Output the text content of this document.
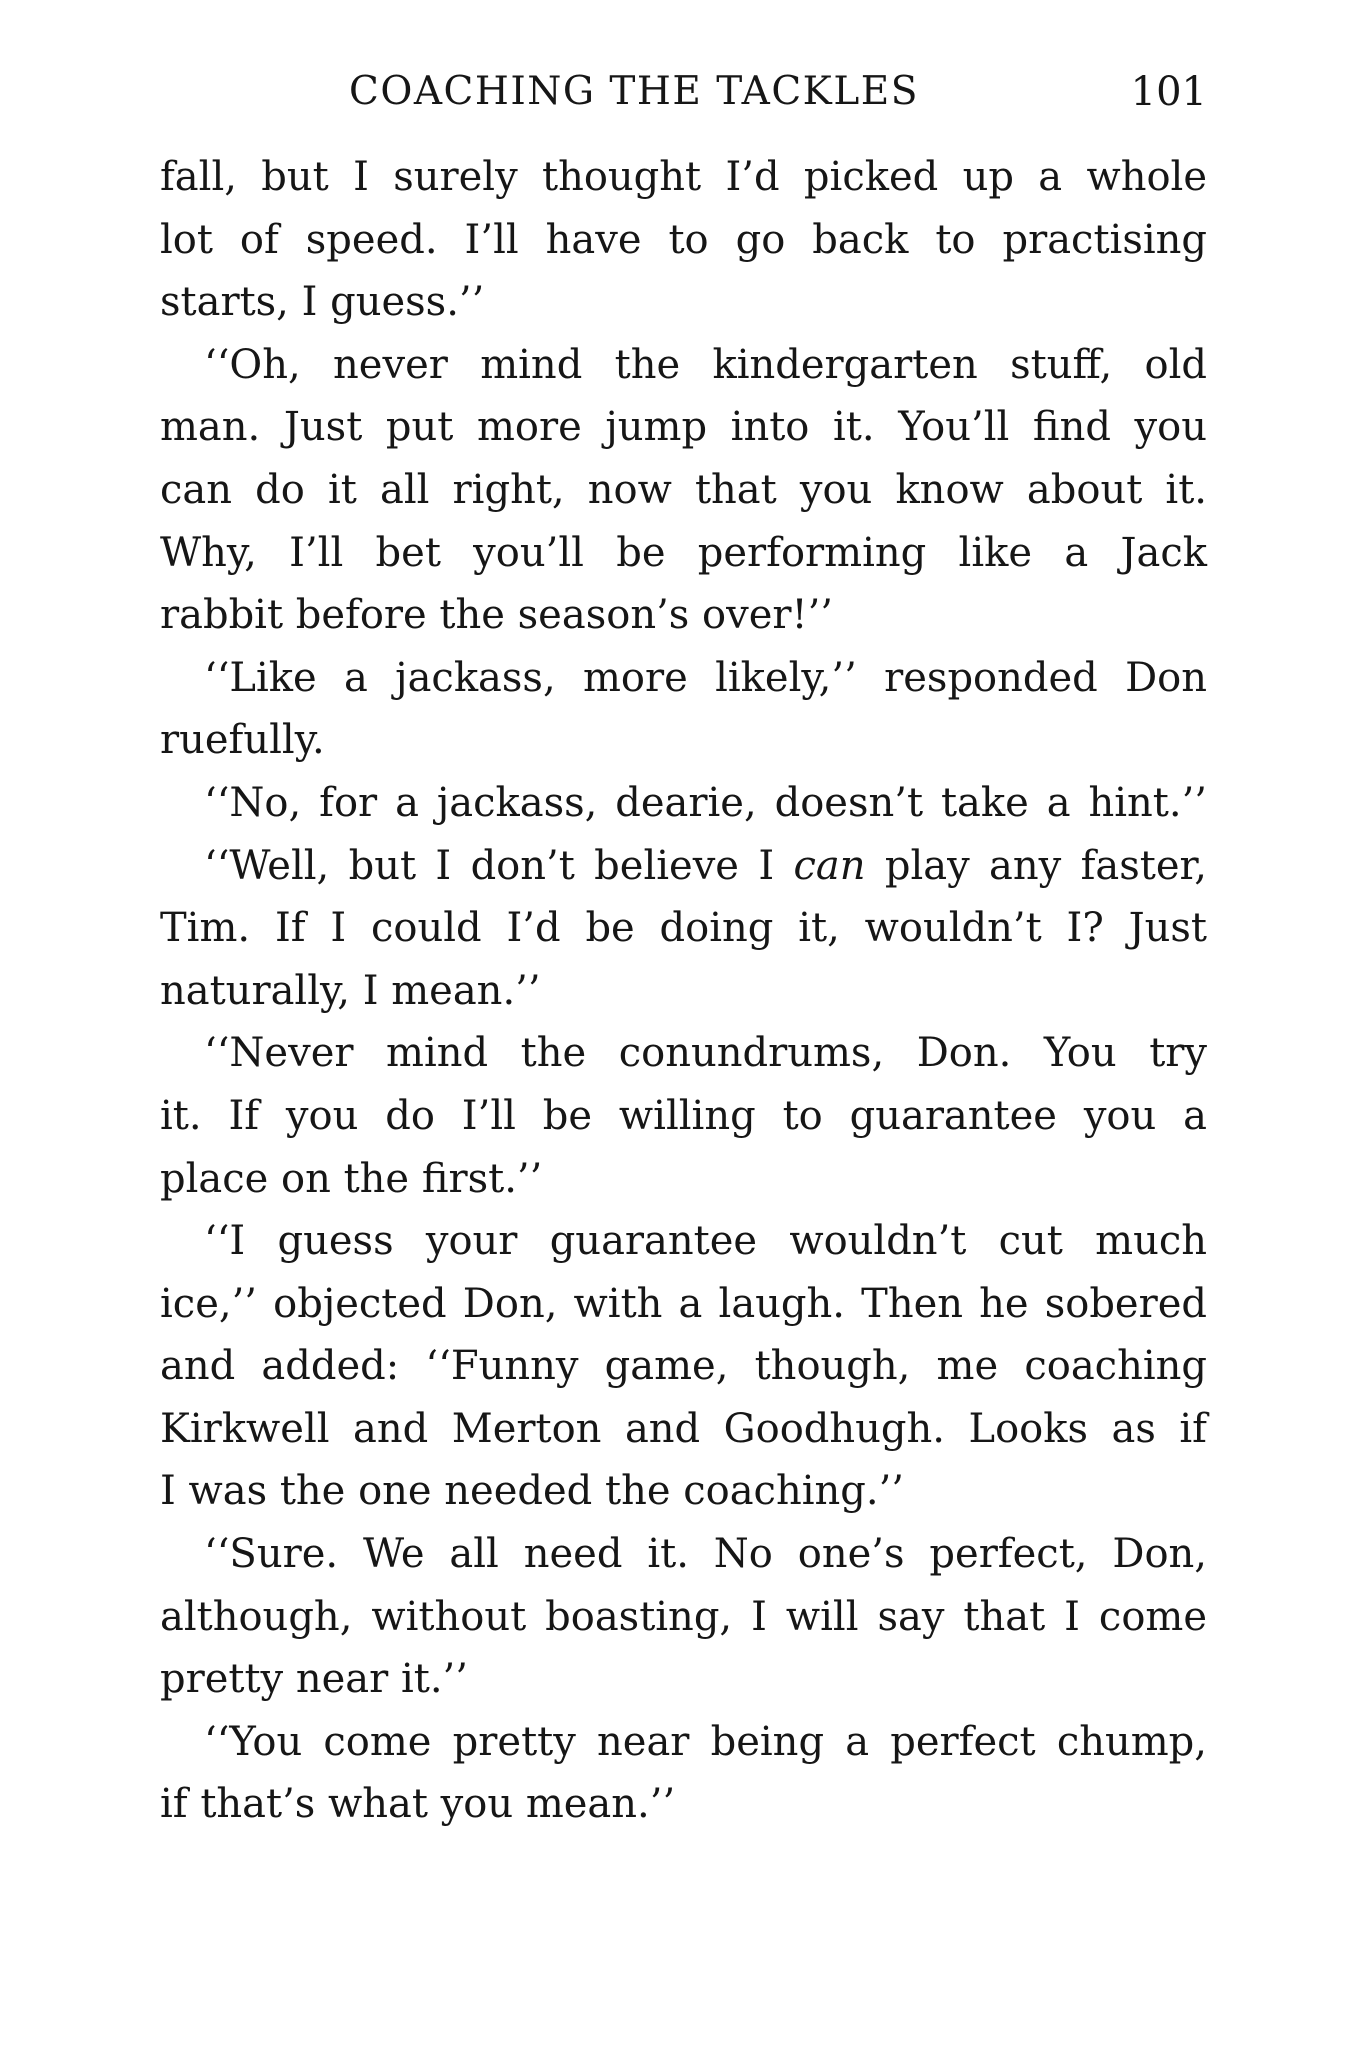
COACHING THE TACKLES	101
fall, but I surely thought I’d picked up a whole
lot of speed. I’ll have to go back to practising
starts, I guess.’’
‘‘Oh, never mind the kindergarten stuff, old
man. Just put more jump into it. You’ll find you
can do it all right, now that you know about it.
Why, I’ll bet you’ll be performing like a Jack
rabbit before the season’s over!’’
‘‘Like a jackass, more likely,’’ responded Don
ruefully.
‘‘No, for a jackass, dearie, doesn’t take a hint.’’
‘‘Well, but I don’t believe I can play any faster,
Tim. If I could I’d be doing it, wouldn’t I? Just
naturally, I mean.’’
‘‘Never mind the conundrums, Don. You try
it. If you do I’ll be willing to guarantee you a
place on the first.’’
‘‘I guess your guarantee wouldn’t cut much
ice,’’ objected Don, with a laugh. Then he sobered
and added: ‘‘Funny game, though, me coaching
Kirkwell and Merton and Goodhugh. Looks as if
I was the one needed the coaching.’’
‘‘Sure. We all need it. No one’s perfect, Don,
although, without boasting, I will say that I come
pretty near it.’’
‘‘You come pretty near being a perfect chump,
if that’s what you mean.’’
